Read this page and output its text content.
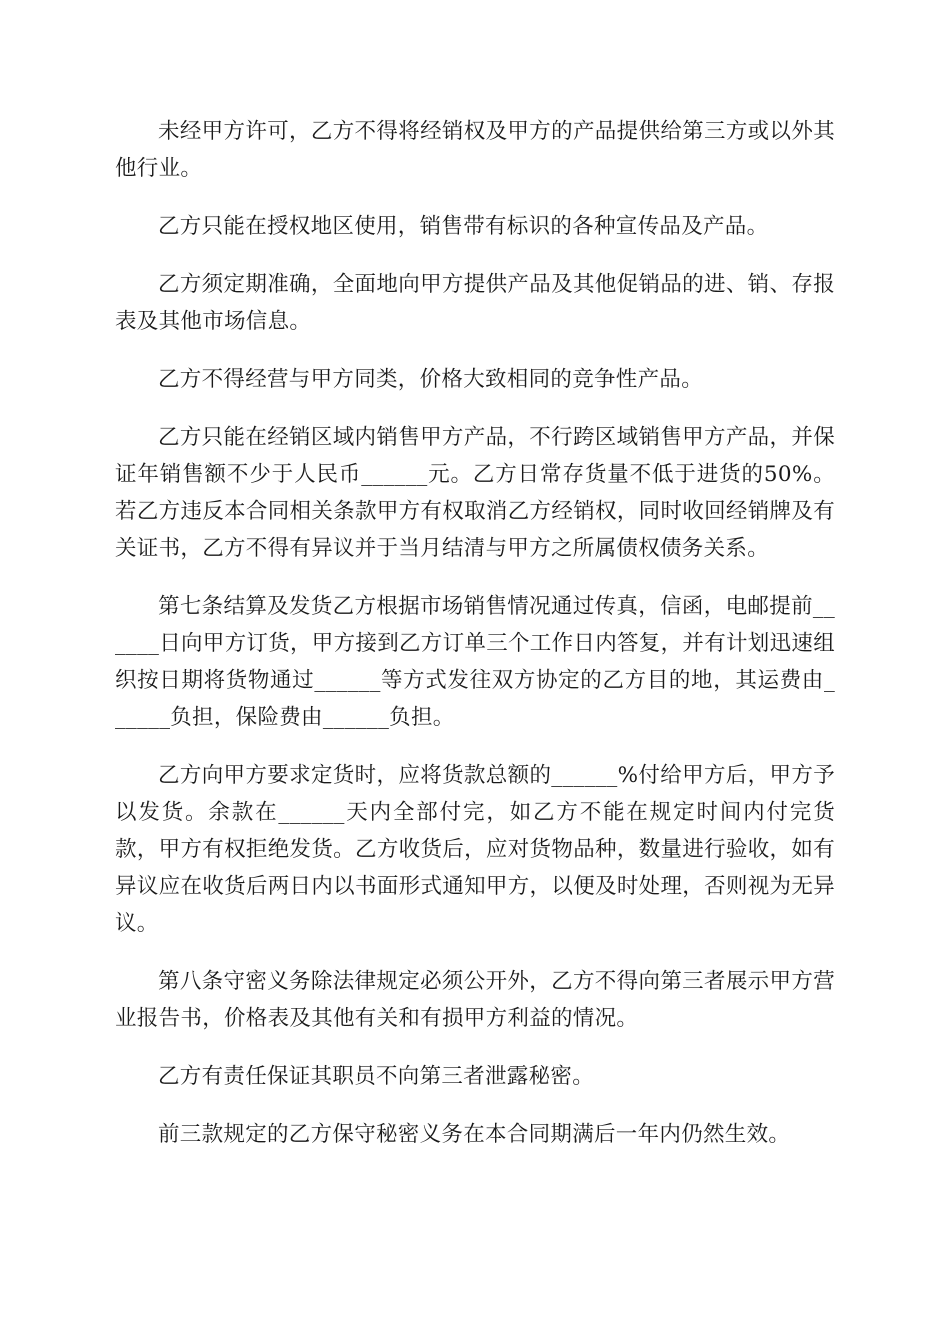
未经甲方许可，乙方不得将经销权及甲方的产品提供给第三方或以外其他行业。

乙方只能在授权地区使用，销售带有标识的各种宣传品及产品。

乙方须定期准确，全面地向甲方提供产品及其他促销品的进、销、存报表及其他市场信息。

乙方不得经营与甲方同类，价格大致相同的竞争性产品。

乙方只能在经销区域内销售甲方产品，不行跨区域销售甲方产品，并保证年销售额不少于人民币______元。乙方日常存货量不低于进货的50%。若乙方违反本合同相关条款甲方有权取消乙方经销权，同时收回经销牌及有关证书，乙方不得有异议并于当月结清与甲方之所属债权债务关系。

第七条结算及发货乙方根据市场销售情况通过传真，信函，电邮提前______日向甲方订货，甲方接到乙方订单三个工作日内答复，并有计划迅速组织按日期将货物通过______等方式发往双方协定的乙方目的地，其运费由______负担，保险费由______负担。

乙方向甲方要求定货时，应将货款总额的______%付给甲方后，甲方予以发货。余款在______天内全部付完，如乙方不能在规定时间内付完货款，甲方有权拒绝发货。乙方收货后，应对货物品种，数量进行验收，如有异议应在收货后两日内以书面形式通知甲方，以便及时处理，否则视为无异议。

第八条守密义务除法律规定必须公开外，乙方不得向第三者展示甲方营业报告书，价格表及其他有关和有损甲方利益的情况。

乙方有责任保证其职员不向第三者泄露秘密。

前三款规定的乙方保守秘密义务在本合同期满后一年内仍然生效。
